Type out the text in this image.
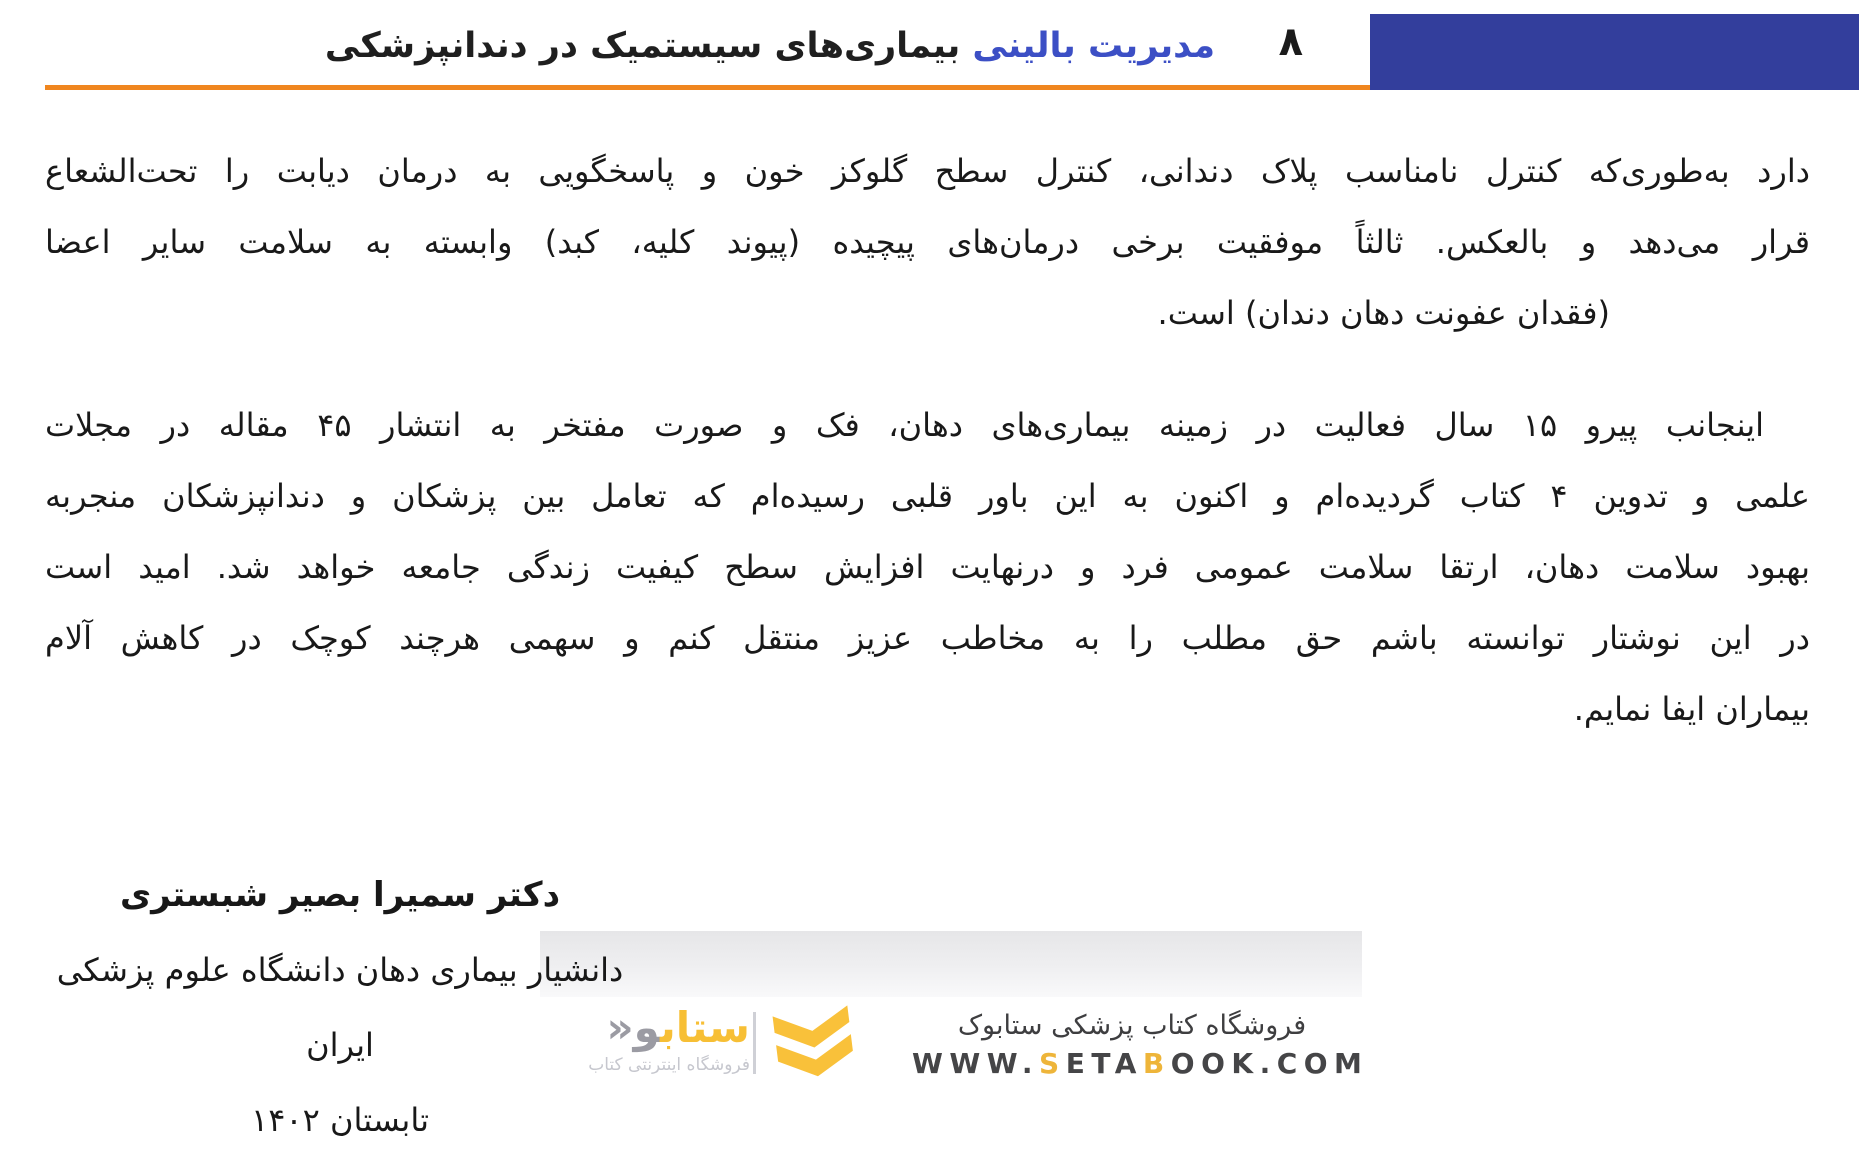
۸
مدیریت بالینی بیماری‌های سیستمیک در دندانپزشکی
دارد به‌طوری‌که کنترل نامناسب پلاک دندانی، کنترل سطح گلوکز خون و پاسخگویی به درمان دیابت را تحت‌الشعاع
قرار می‌دهد و بالعکس. ثالثاً موفقیت برخی درمان‌های پیچیده (پیوند کلیه، کبد) وابسته به سلامت سایر اعضا
(فقدان عفونت دهان دندان) است.
اینجانب پیرو ۱۵ سال فعالیت در زمینه بیماری‌های دهان، فک و صورت مفتخر به انتشار ۴۵ مقاله در مجلات
علمی و تدوین ۴ کتاب گردیده‌ام و اکنون به این باور قلبی رسیده‌ام که تعامل بین پزشکان و دندانپزشکان منجربه
بهبود سلامت دهان، ارتقا سلامت عمومی فرد و درنهایت افزایش سطح کیفیت زندگی جامعه خواهد شد. امید است
در این نوشتار توانسته باشم حق مطلب را به مخاطب عزیز منتقل کنم و سهمی هرچند کوچک در کاهش آلام
بیماران ایفا نمایم.
دکتر سمیرا بصیر شبستری
دانشیار بیماری دهان دانشگاه علوم پزشکی ایران
تابستان ۱۴۰۲
ستابو«
فروشگاه اینترنتی کتاب
فروشگاه کتاب پزشکی ستابوک
WWW.SETABOOK.COM
